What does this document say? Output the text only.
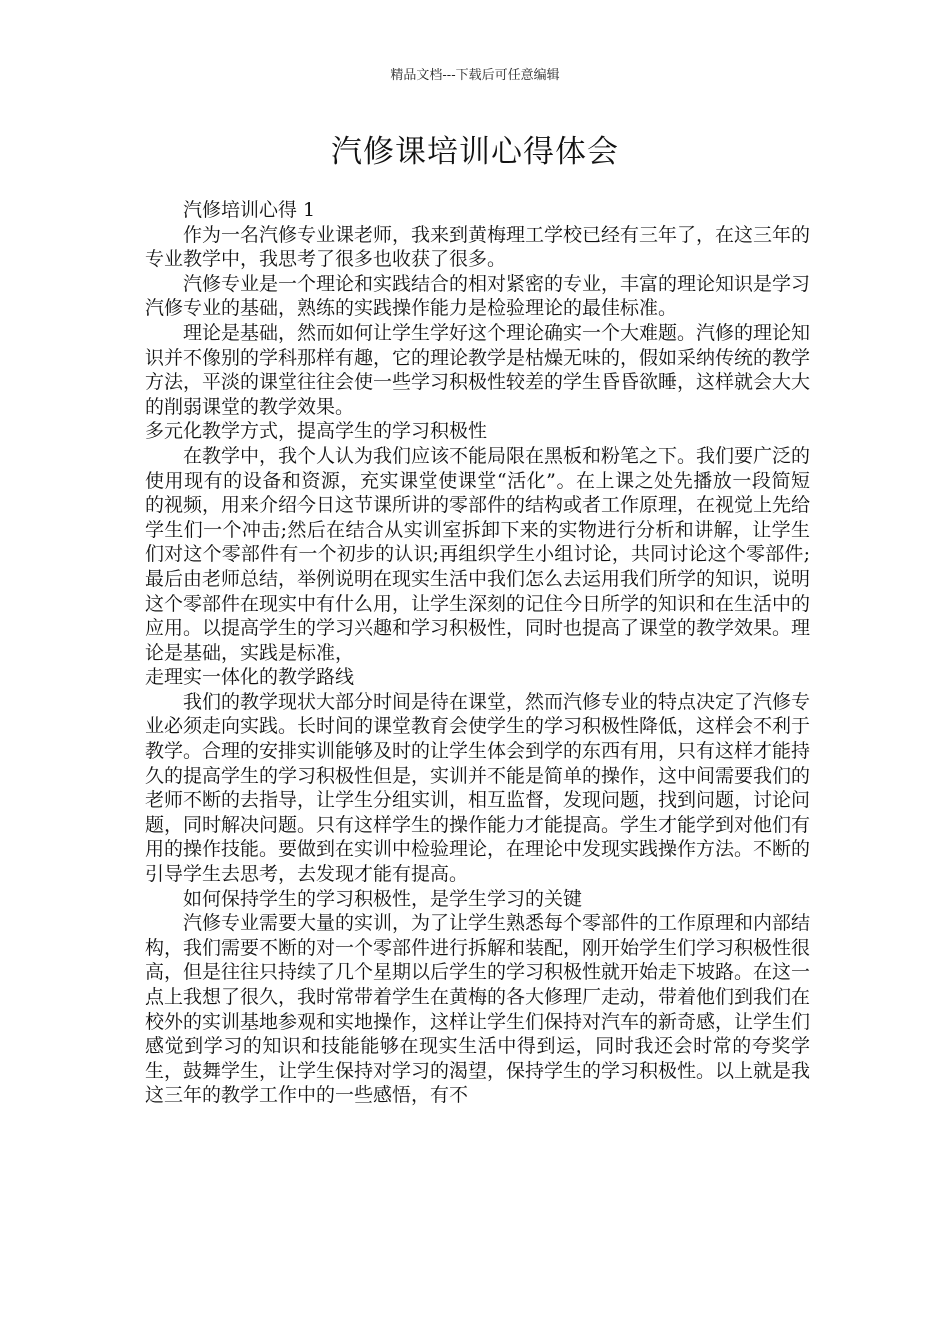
精品文档---下载后可任意编辑
汽修课培训心得体会

汽修培训心得 1

作为一名汽修专业课老师，我来到黄梅理工学校已经有三年了，在这三年的专业教学中，我思考了很多也收获了很多。

汽修专业是一个理论和实践结合的相对紧密的专业，丰富的理论知识是学习汽修专业的基础，熟练的实践操作能力是检验理论的最佳标准。

理论是基础，然而如何让学生学好这个理论确实一个大难题。汽修的理论知识并不像别的学科那样有趣，它的理论教学是枯燥无味的，假如采纳传统的教学方法，平淡的课堂往往会使一些学习积极性较差的学生昏昏欲睡，这样就会大大的削弱课堂的教学效果。

多元化教学方式，提高学生的学习积极性

在教学中，我个人认为我们应该不能局限在黑板和粉笔之下。我们要广泛的使用现有的设备和资源，充实课堂使课堂“活化”。在上课之处先播放一段简短的视频，用来介绍今日这节课所讲的零部件的结构或者工作原理，在视觉上先给学生们一个冲击;然后在结合从实训室拆卸下来的实物进行分析和讲解，让学生们对这个零部件有一个初步的认识;再组织学生小组讨论，共同讨论这个零部件;最后由老师总结，举例说明在现实生活中我们怎么去运用我们所学的知识，说明这个零部件在现实中有什么用，让学生深刻的记住今日所学的知识和在生活中的应用。以提高学生的学习兴趣和学习积极性，同时也提高了课堂的教学效果。理论是基础，实践是标准，

走理实一体化的教学路线

我们的教学现状大部分时间是待在课堂，然而汽修专业的特点决定了汽修专业必须走向实践。长时间的课堂教育会使学生的学习积极性降低，这样会不利于教学。合理的安排实训能够及时的让学生体会到学的东西有用，只有这样才能持久的提高学生的学习积极性但是，实训并不能是简单的操作，这中间需要我们的老师不断的去指导，让学生分组实训，相互监督，发现问题，找到问题，讨论问题，同时解决问题。只有这样学生的操作能力才能提高。学生才能学到对他们有用的操作技能。要做到在实训中检验理论，在理论中发现实践操作方法。不断的引导学生去思考，去发现才能有提高。

如何保持学生的学习积极性，是学生学习的关键

汽修专业需要大量的实训，为了让学生熟悉每个零部件的工作原理和内部结构，我们需要不断的对一个零部件进行拆解和装配，刚开始学生们学习积极性很高，但是往往只持续了几个星期以后学生的学习积极性就开始走下坡路。在这一点上我想了很久，我时常带着学生在黄梅的各大修理厂走动，带着他们到我们在校外的实训基地参观和实地操作，这样让学生们保持对汽车的新奇感，让学生们感觉到学习的知识和技能能够在现实生活中得到运，同时我还会时常的夸奖学生，鼓舞学生，让学生保持对学习的渴望，保持学生的学习积极性。以上就是我这三年的教学工作中的一些感悟，有不
